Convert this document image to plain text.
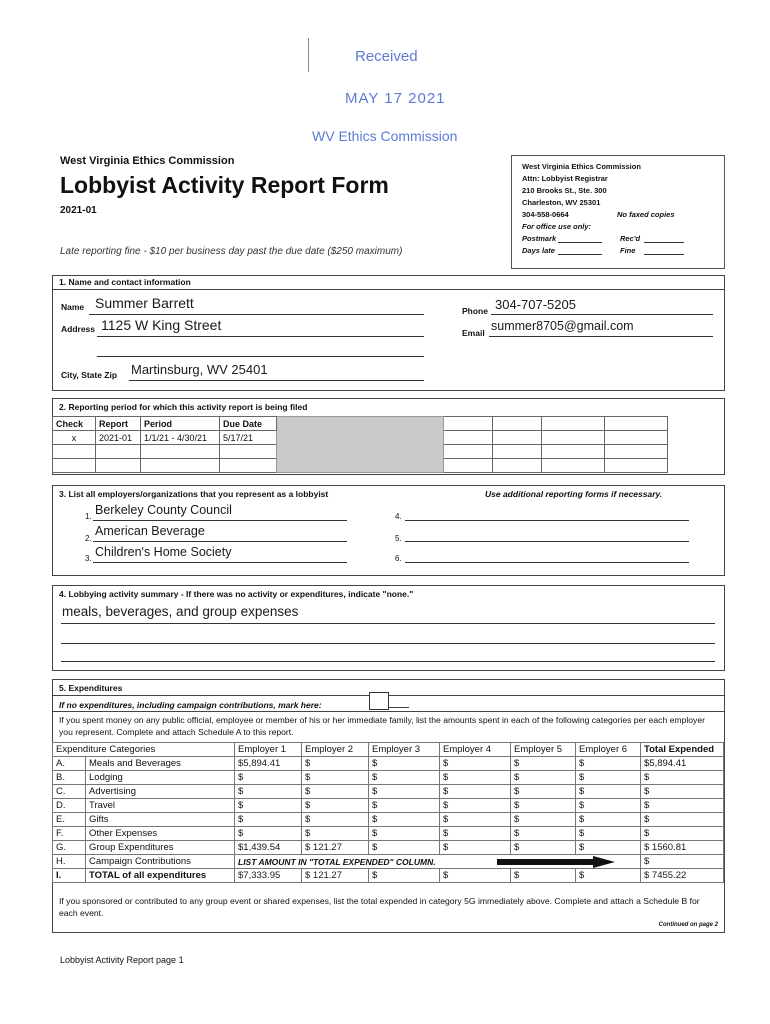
Received
MAY 17 2021
WV Ethics Commission
West Virginia Ethics Commission
Lobbyist Activity Report Form
2021-01
Late reporting fine - $10 per business day past the due date ($250 maximum)
West Virginia Ethics Commission
Attn: Lobbyist Registrar
210 Brooks St., Ste. 300
Charleston, WV 25301
304-558-0664	No faxed copies
For office use only:
Postmark	Rec'd
Days late	Fine
1. Name and contact information
Name Summer Barrett
Address 1125 W King Street
City, State Zip Martinsburg, WV 25401
Phone 304-707-5205
Email summer8705@gmail.com
2. Reporting period for which this activity report is being filed
Check	Report	Period	Due Date					
x	2021-01	1/1/21 - 4/30/21	5/17/21					

3. List all employers/organizations that you represent as a lobbyist	Use additional reporting forms if necessary.
1. Berkeley County Council
2.
American Beverage
3. Children's Home Society
4.
5.
6.
4. Lobbying activity summary - If there was no activity or expenditures, indicate "none."
meals, beverages, and group expenses
5. Expenditures
If no expenditures, including campaign contributions, mark here:
If you spent money on any public official, employee or member of his or her immediate family, list the amounts spent in each of the following categories per each employer you represent. Complete and attach Schedule A to this report.
Expenditure Categories		Employer 1	Employer 2	Employer 3	Employer 4	Employer 5	Employer 6	Total Expended
A.	Meals and Beverages	$5,894.41	$	$	$	$	$	$5,894.41
B.	Lodging	$	$	$	$	$	$	$
C.	Advertising	$	$	$	$	$	$	$
D.	Travel	$	$	$	$	$	$	$
E.	Gifts	$	$	$	$	$	$	$
F.	Other Expenses	$	$	$	$	$	$	$
G.	Group Expenditures	$1,439.54	$ 121.27	$	$	$	$	$ 1560.81
H.	Campaign Contributions	LIST AMOUNT IN "TOTAL EXPENDED" COLUMN.						$
I.	TOTAL of all expenditures	$7,333.95	$ 121.27	$	$	$	$	$ 7455.22
If you sponsored or contributed to any group event or shared expenses, list the total expended in category 5G immediately above. Complete and attach a Schedule B for each event.
Continued on page 2
Lobbyist Activity Report page 1
